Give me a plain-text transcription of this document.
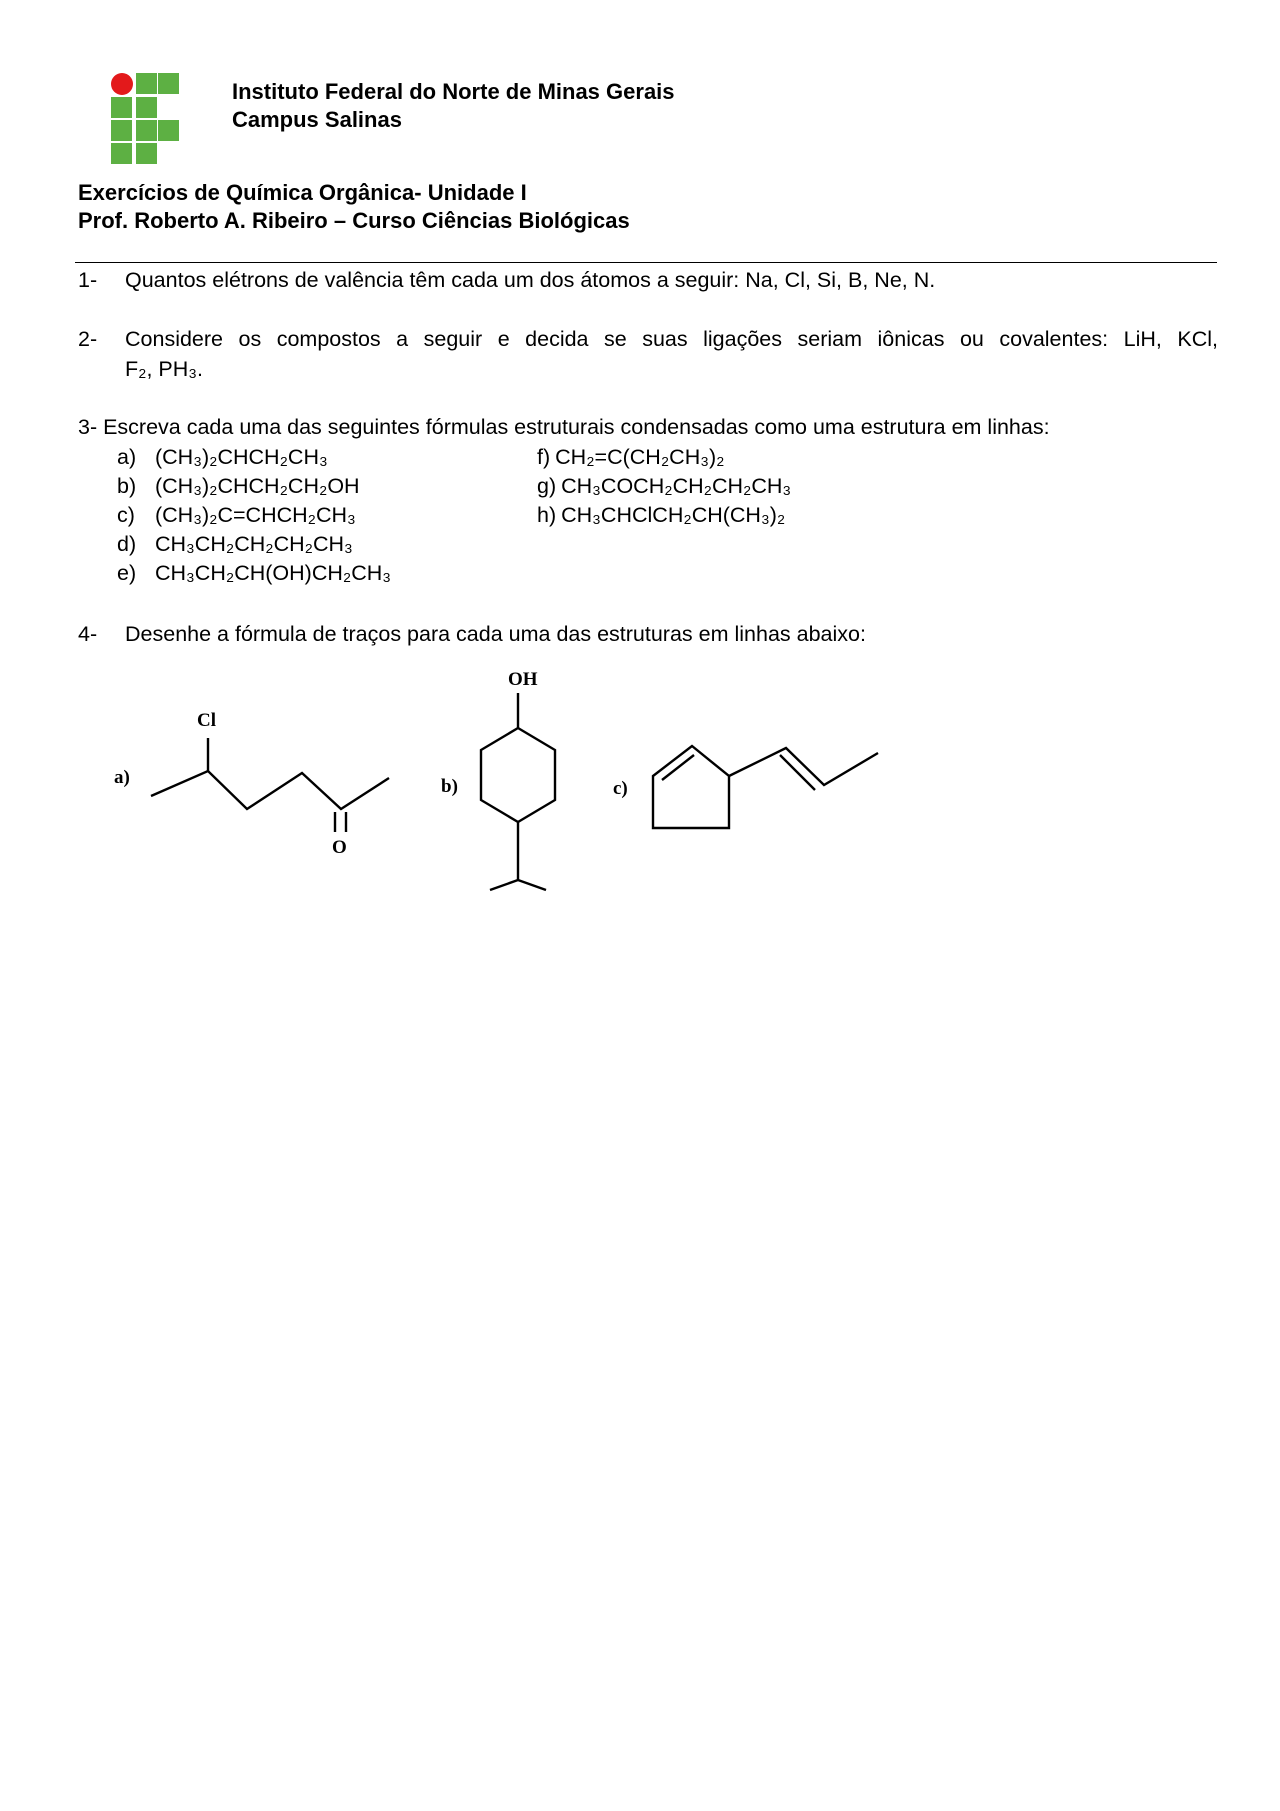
Instituto Federal do Norte de Minas Gerais
Campus Salinas
Exercícios de Química Orgânica- Unidade I
Prof. Roberto A. Ribeiro – Curso Ciências Biológicas
1- Quantos elétrons de valência têm cada um dos átomos a seguir: Na, Cl, Si, B, Ne, N.
2- Considere os compostos a seguir e decida se suas ligações seriam iônicas ou covalentes: LiH, KCl,
F₂, PH₃.
3- Escreva cada uma das seguintes fórmulas estruturais condensadas como uma estrutura em linhas:
a) (CH₃)₂CHCH₂CH₃
b) (CH₃)₂CHCH₂CH₂OH
c) (CH₃)₂C=CHCH₂CH₃
d) CH₃CH₂CH₂CH₂CH₃
e) CH₃CH₂CH(OH)CH₂CH₃
f) CH₂=C(CH₂CH₃)₂
g) CH₃COCH₂CH₂CH₂CH₃
h) CH₃CHClCH₂CH(CH₃)₂
4- Desenhe a fórmula de traços para cada uma das estruturas em linhas abaixo:
a)
Cl
O
b)
OH
c)
